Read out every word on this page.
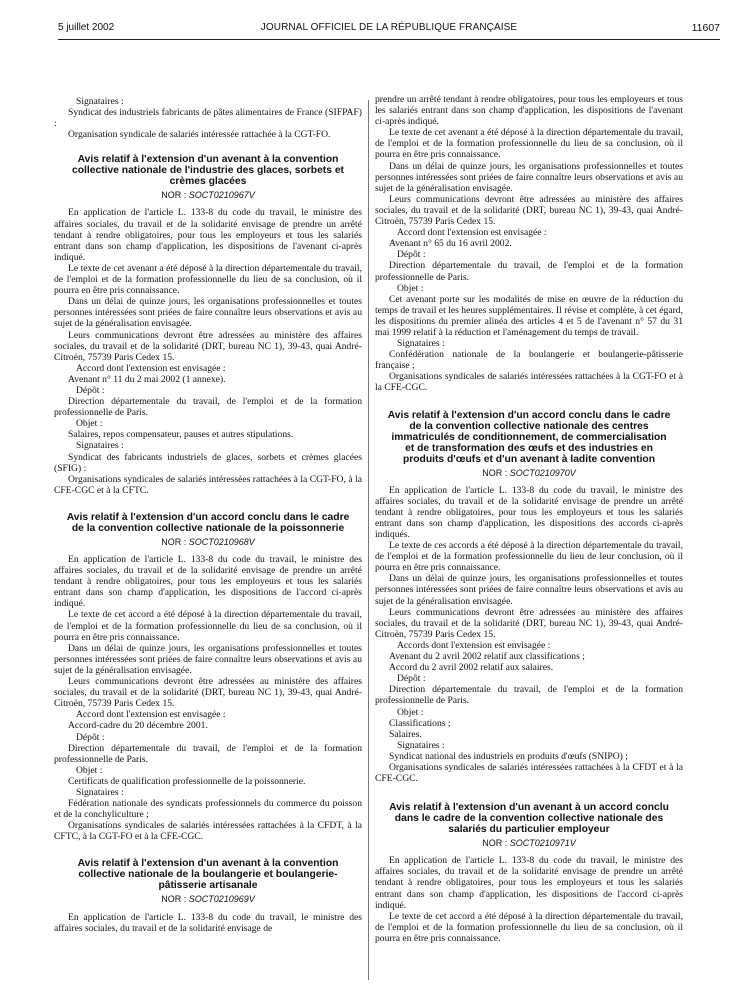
5 juillet 2002	JOURNAL OFFICIEL DE LA RÉPUBLIQUE FRANÇAISE	11607

Signataires :

Syndicat des industriels fabricants de pâtes alimentaires de France (SIFPAF) :

Organisation syndicale de salariés intéressée rattachée à la CGT-FO.

Avis relatif à l'extension d'un avenant à la convention collective nationale de l'industrie des glaces, sorbets et crèmes glacées
NOR : SOCT0210967V

En application de l'article L. 133-8 du code du travail, le ministre des affaires sociales, du travail et de la solidarité envisage de prendre un arrêté tendant à rendre obligatoires, pour tous les employeurs et tous les salariés entrant dans son champ d'application, les dispositions de l'avenant ci-après indiqué.

Le texte de cet avenant a été déposé à la direction départementale du travail, de l'emploi et de la formation professionnelle du lieu de sa conclusion, où il pourra en être pris connaissance.

Dans un délai de quinze jours, les organisations professionnelles et toutes personnes intéressées sont priées de faire connaître leurs observations et avis au sujet de la généralisation envisagée.

Leurs communications devront être adressées au ministère des affaires sociales, du travail et de la solidarité (DRT, bureau NC 1), 39-43, quai André-Citroën, 75739 Paris Cedex 15.

Accord dont l'extension est envisagée :

Avenant n° 11 du 2 mai 2002 (1 annexe).

Dépôt :

Direction départementale du travail, de l'emploi et de la formation professionnelle de Paris.

Objet :

Salaires, repos compensateur, pauses et autres stipulations.

Signataires :

Syndicat des fabricants industriels de glaces, sorbets et crèmes glacées (SFIG) :

Organisations syndicales de salariés intéressées rattachées à la CGT-FO, à la CFE-CGC et à la CFTC.

Avis relatif à l'extension d'un accord conclu dans le cadre de la convention collective nationale de la poissonnerie
NOR : SOCT0210968V

En application de l'article L. 133-8 du code du travail, le ministre des affaires sociales, du travail et de la solidarité envisage de prendre un arrêté tendant à rendre obligatoires, pour tous les employeurs et tous les salariés entrant dans son champ d'application, les dispositions de l'accord ci-après indiqué.

Le texte de cet accord a été déposé à la direction départementale du travail, de l'emploi et de la formation professionnelle du lieu de sa conclusion, où il pourra en être pris connaissance.

Dans un délai de quinze jours, les organisations professionnelles et toutes personnes intéressées sont priées de faire connaître leurs observations et avis au sujet de la généralisation envisagée.

Leurs communications devront être adressées au ministère des affaires sociales, du travail et de la solidarité (DRT, bureau NC 1), 39-43, quai André-Citroën, 75739 Paris Cedex 15.

Accord dont l'extension est envisagée :

Accord-cadre du 20 décembre 2001.

Dépôt :

Direction départementale du travail, de l'emploi et de la formation professionnelle de Paris.

Objet :

Certificats de qualification professionnelle de la poissonnerie.

Signataires :

Fédération nationale des syndicats professionnels du commerce du poisson et de la conchyliculture ;

Organisations syndicales de salariés intéressées rattachées à la CFDT, à la CFTC, à la CGT-FO et à la CFE-CGC.

Avis relatif à l'extension d'un avenant à la convention collective nationale de la boulangerie et boulangerie-pâtisserie artisanale
NOR : SOCT0210969V

En application de l'article L. 133-8 du code du travail, le ministre des affaires sociales, du travail et de la solidarité envisage de

prendre un arrêté tendant à rendre obligatoires, pour tous les employeurs et tous les salariés entrant dans son champ d'application, les dispositions de l'avenant ci-après indiqué.

Le texte de cet avenant a été déposé à la direction départementale du travail, de l'emploi et de la formation professionnelle du lieu de sa conclusion, où il pourra en être pris connaissance.

Dans un délai de quinze jours, les organisations professionnelles et toutes personnes intéressées sont priées de faire connaître leurs observations et avis au sujet de la généralisation envisagée.

Leurs communications devront être adressées au ministère des affaires sociales, du travail et de la solidarité (DRT, bureau NC 1), 39-43, quai André-Citroën, 75739 Paris Cedex 15.

Accord dont l'extension est envisagée :

Avenant n° 65 du 16 avril 2002.

Dépôt :

Direction départementale du travail, de l'emploi et de la formation professionnelle de Paris.

Objet :

Cet avenant porte sur les modalités de mise en œuvre de la réduction du temps de travail et les heures supplémentaires. Il révise et complète, à cet égard, les dispositions du premier alinéa des articles 4 et 5 de l'avenant n° 57 du 31 mai 1999 relatif à la réduction et l'aménagement du temps de travail.

Signataires :

Confédération nationale de la boulangerie et boulangerie-pâtisserie française ;

Organisations syndicales de salariés intéressées rattachées à la CGT-FO et à la CFE-CGC.

Avis relatif à l'extension d'un accord conclu dans le cadre de la convention collective nationale des centres immatriculés de conditionnement, de commercialisation et de transformation des œufs et des industries en produits d'œufs et d'un avenant à ladite convention
NOR : SOCT0210970V

En application de l'article L. 133-8 du code du travail, le ministre des affaires sociales, du travail et de la solidarité envisage de prendre un arrêté tendant à rendre obligatoires, pour tous les employeurs et tous les salariés entrant dans son champ d'application, les dispositions des accords ci-après indiqués.

Le texte de ces accords a été déposé à la direction départementale du travail, de l'emploi et de la formation professionnelle du lieu de leur conclusion, où il pourra en être pris connaissance.

Dans un délai de quinze jours, les organisations professionnelles et toutes personnes intéressées sont priées de faire connaître leurs observations et avis au sujet de la généralisation envisagée.

Leurs communications devront être adressées au ministère des affaires sociales, du travail et de la solidarité (DRT, bureau NC 1), 39-43, quai André-Citroën, 75739 Paris Cedex 15.

Accords dont l'extension est envisagée :

Avenant du 2 avril 2002 relatif aux classifications ;

Accord du 2 avril 2002 relatif aux salaires.

Dépôt :

Direction départementale du travail, de l'emploi et de la formation professionnelle de Paris.

Objet :

Classifications ;

Salaires.

Signataires :

Syndicat national des industriels en produits d'œufs (SNIPO) ;

Organisations syndicales de salariés intéressées rattachées à la CFDT et à la CFE-CGC.

Avis relatif à l'extension d'un avenant à un accord conclu dans le cadre de la convention collective nationale des salariés du particulier employeur
NOR : SOCT0210971V

En application de l'article L. 133-8 du code du travail, le ministre des affaires sociales, du travail et de la solidarité envisage de prendre un arrêté tendant à rendre obligatoires, pour tous les employeurs et tous les salariés entrant dans son champ d'application, les dispositions de l'accord ci-après indiqué.

Le texte de cet accord a été déposé à la direction départementale du travail, de l'emploi et de la formation professionnelle du lieu de sa conclusion, où il pourra en être pris connaissance.
